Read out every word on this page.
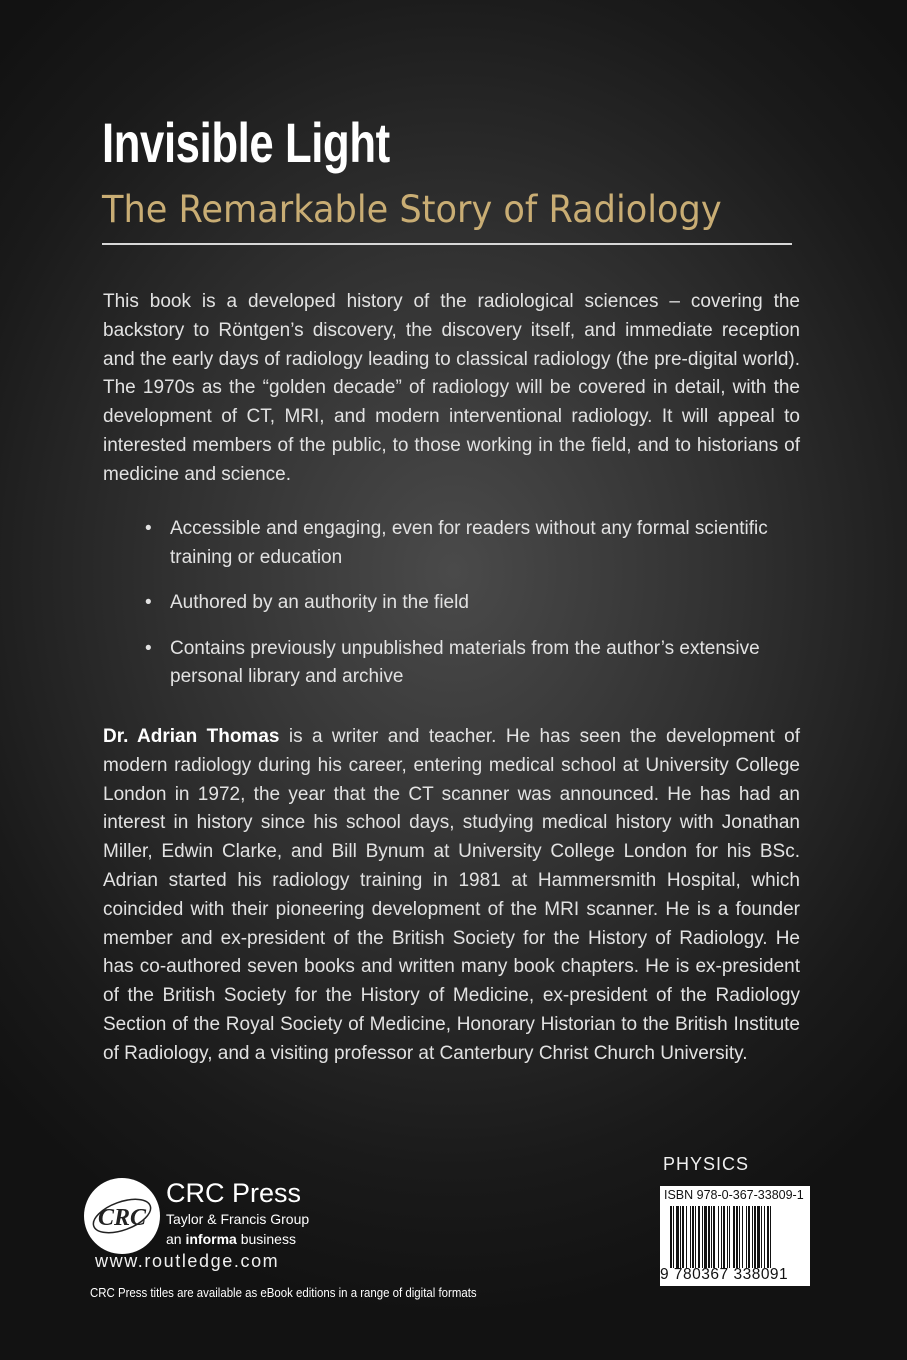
Invisible Light
The Remarkable Story of Radiology

This book is a developed history of the radiological sciences – covering the backstory to Röntgen’s discovery, the discovery itself, and immediate reception and the early days of radiology leading to classical radiology (the pre-digital world). The 1970s as the “golden decade” of radiology will be covered in detail, with the development of CT, MRI, and modern interventional radiology. It will appeal to interested members of the public, to those working in the field, and to historians of medicine and science.

• Accessible and engaging, even for readers without any formal scientific training or education
• Authored by an authority in the field
• Contains previously unpublished materials from the author’s extensive personal library and archive

Dr. Adrian Thomas is a writer and teacher. He has seen the development of modern radiology during his career, entering medical school at University College London in 1972, the year that the CT scanner was announced. He has had an interest in history since his school days, studying medical history with Jonathan Miller, Edwin Clarke, and Bill Bynum at University College London for his BSc. Adrian started his radiology training in 1981 at Hammersmith Hospital, which coincided with their pioneering development of the MRI scanner. He is a founder member and ex-president of the British Society for the History of Radiology. He has co-authored seven books and written many book chapters. He is ex-president of the British Society for the History of Medicine, ex-president of the Radiology Section of the Royal Society of Medicine, Honorary Historian to the British Institute of Radiology, and a visiting professor at Canterbury Christ Church University.

PHYSICS
ISBN 978-0-367-33809-1
9 780367 338091
CRC
CRC Press
Taylor & Francis Group
an informa business
www.routledge.com
CRC Press titles are available as eBook editions in a range of digital formats
